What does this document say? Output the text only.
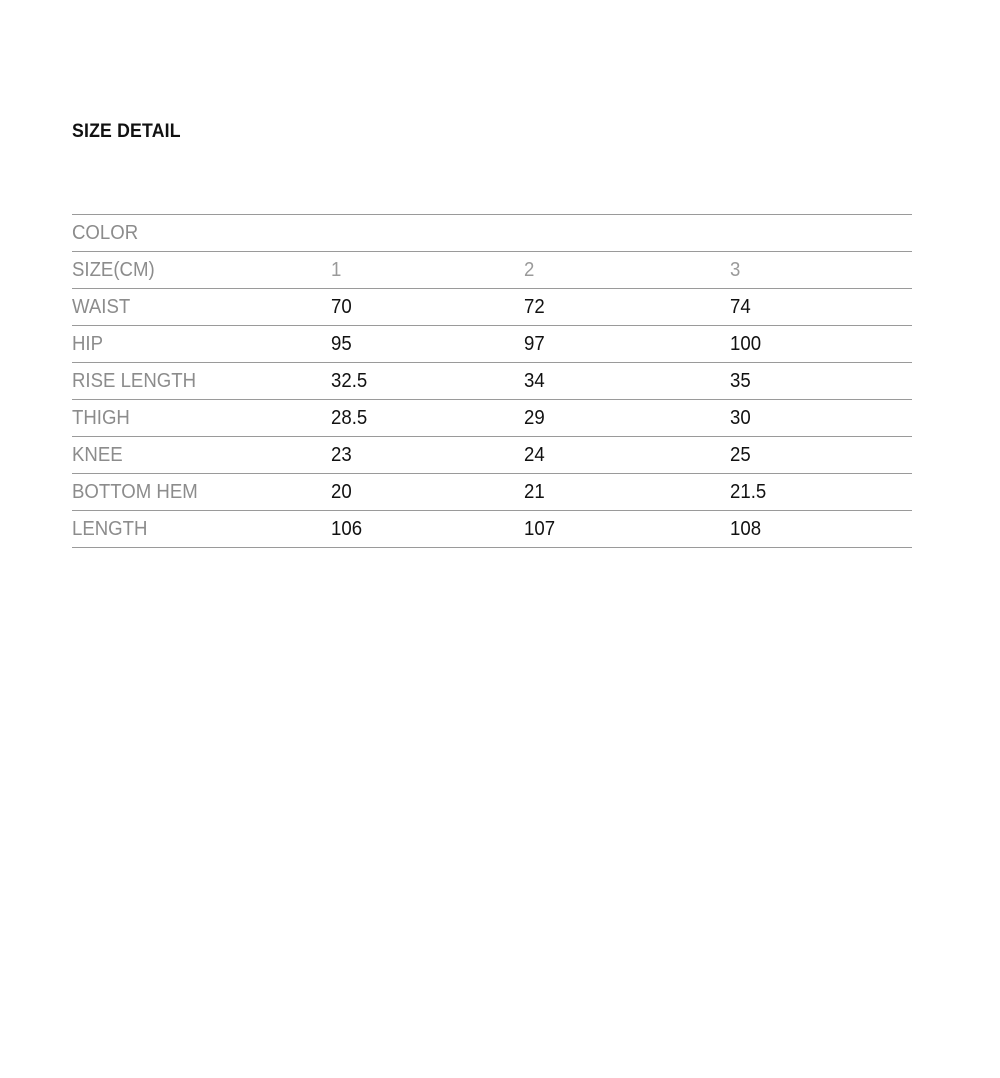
SIZE DETAIL
COLOR			
SIZE(CM)	1	2	3
WAIST	70	72	74
HIP	95	97	100
RISE LENGTH	32.5	34	35
THIGH	28.5	29	30
KNEE	23	24	25
BOTTOM HEM	20	21	21.5
LENGTH	106	107	108
